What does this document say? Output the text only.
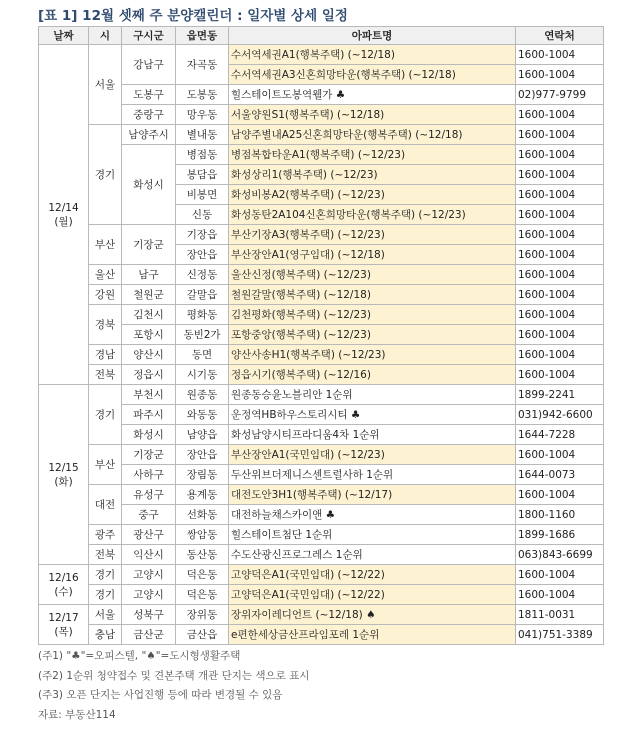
[표 1] 12월 셋째 주 분양캘린더 : 일자별 상세 일정
날짜	시	구시군	읍면동	아파트명	연락처

12/14
(월)	서울	강남구	자곡동	수서역세권A1(행복주택) (~12/18)	1600-1004
				수서역세권A3신혼희망타운(행복주택) (~12/18)	1600-1004
		도봉구	도봉동	힐스테이트도봉역웰가 ♣	02)977-9799
		중랑구	망우동	서울양원S1(행복주택) (~12/18)	1600-1004
	경기	남양주시	별내동	남양주별내A25신혼희망타운(행복주택) (~12/18)	1600-1004
		화성시	병점동	병점복합타운A1(행복주택) (~12/23)	1600-1004
			봉담읍	화성상리1(행복주택) (~12/23)	1600-1004
			비봉면	화성비봉A2(행복주택) (~12/23)	1600-1004
			신동	화성동탄2A104신혼희망타운(행복주택) (~12/23)	1600-1004
	부산	기장군	기장읍	부산기장A3(행복주택) (~12/23)	1600-1004
			장안읍	부산장안A1(영구임대) (~12/18)	1600-1004
	울산	남구	신정동	울산신정(행복주택) (~12/23)	1600-1004
	강원	철원군	갈말읍	철원갈말(행복주택) (~12/18)	1600-1004
	경북	김천시	평화동	김천평화(행복주택) (~12/23)	1600-1004
		포항시	동빈2가	포항중앙(행복주택) (~12/23)	1600-1004
	경남	양산시	동면	양산사송H1(행복주택) (~12/23)	1600-1004
	전북	정읍시	시기동	정읍시기(행복주택) (~12/16)	1600-1004

12/15
(화)	경기	부천시	원종동	원종동승윤노블리안 1순위	1899-2241
		파주시	와동동	운정역HB하우스토리시티 ♣	031)942-6600
		화성시	남양읍	화성남양시티프라디움4차 1순위	1644-7228
	부산	기장군	장안읍	부산장안A1(국민임대) (~12/23)	1600-1004
		사하구	장림동	두산위브더제니스센트럴사하 1순위	1644-0073
	대전	유성구	용계동	대전도안3H1(행복주택) (~12/17)	1600-1004
		중구	선화동	대전하늘채스카이앤 ♣	1800-1160
	광주	광산구	쌍암동	힐스테이트첨단 1순위	1899-1686
	전북	익산시	동산동	수도산광신프로그레스 1순위	063)843-6699

12/16
(수)	경기	고양시	덕은동	고양덕은A1(국민임대) (~12/22)	1600-1004
	경기	고양시	덕은동	고양덕은A1(국민임대) (~12/22)	1600-1004

12/17
(목)	서울	성북구	장위동	장위자이레디언트 (~12/18) ♠	1811-0031
	충남	금산군	금산읍	e편한세상금산프라임포레 1순위	041)751-3389
(주1) "♣"=오피스텔, "♠"=도시형생활주택
(주2) 1순위 청약접수 및 견본주택 개관 단지는 색으로 표시
(주3) 오픈 단지는 사업진행 등에 따라 변경될 수 있음
자료: 부동산114
